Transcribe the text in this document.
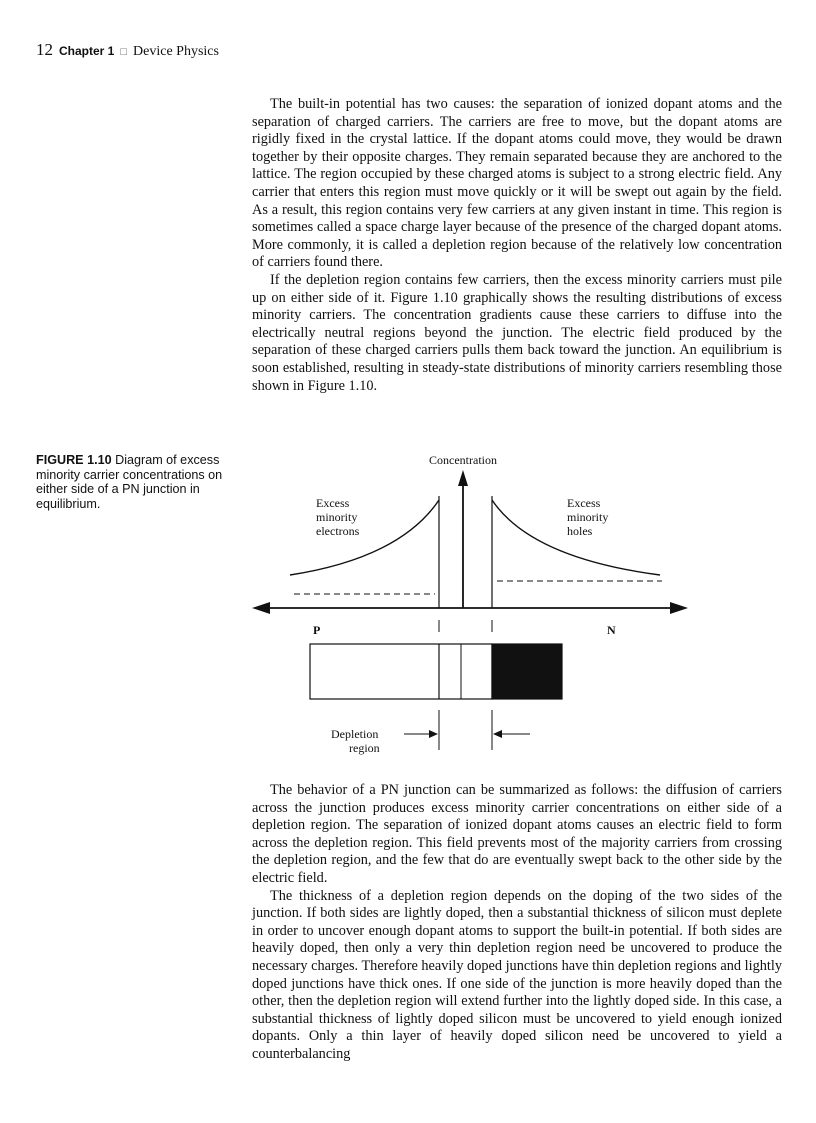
12 Chapter 1 □ Device Physics

The built-in potential has two causes: the separation of ionized dopant atoms and the separation of charged carriers. The carriers are free to move, but the dopant atoms are rigidly fixed in the crystal lattice. If the dopant atoms could move, they would be drawn together by their opposite charges. They remain separated because they are anchored to the lattice. The region occupied by these charged atoms is subject to a strong electric field. Any carrier that enters this region must move quickly or it will be swept out again by the field. As a result, this region contains very few carriers at any given instant in time. This region is sometimes called a space charge layer because of the presence of the charged dopant atoms. More commonly, it is called a depletion region because of the relatively low concentration of carriers found there.

If the depletion region contains few carriers, then the excess minority carriers must pile up on either side of it. Figure 1.10 graphically shows the resulting distributions of excess minority carriers. The concentration gradients cause these carriers to diffuse into the electrically neutral regions beyond the junction. The electric field produced by the separation of these charged carriers pulls them back toward the junction. An equilibrium is soon established, resulting in steady-state distributions of minority carriers resembling those shown in Figure 1.10.

FIGURE 1.10 Diagram of excess minority carrier concentrations on either side of a PN junction in equilibrium.
Concentration
Excess minority electrons
Excess minority holes
P	N
Depletion region

The behavior of a PN junction can be summarized as follows: the diffusion of carriers across the junction produces excess minority carrier concentrations on either side of a depletion region. The separation of ionized dopant atoms causes an electric field to form across the depletion region. This field prevents most of the majority carriers from crossing the depletion region, and the few that do are eventually swept back to the other side by the electric field.

The thickness of a depletion region depends on the doping of the two sides of the junction. If both sides are lightly doped, then a substantial thickness of silicon must deplete in order to uncover enough dopant atoms to support the built-in potential. If both sides are heavily doped, then only a very thin depletion region need be uncovered to produce the necessary charges. Therefore heavily doped junctions have thin depletion regions and lightly doped junctions have thick ones. If one side of the junction is more heavily doped than the other, then the depletion region will extend further into the lightly doped side. In this case, a substantial thickness of lightly doped silicon must be uncovered to yield enough ionized dopants. Only a thin layer of heavily doped silicon need be uncovered to yield a counterbalancing
